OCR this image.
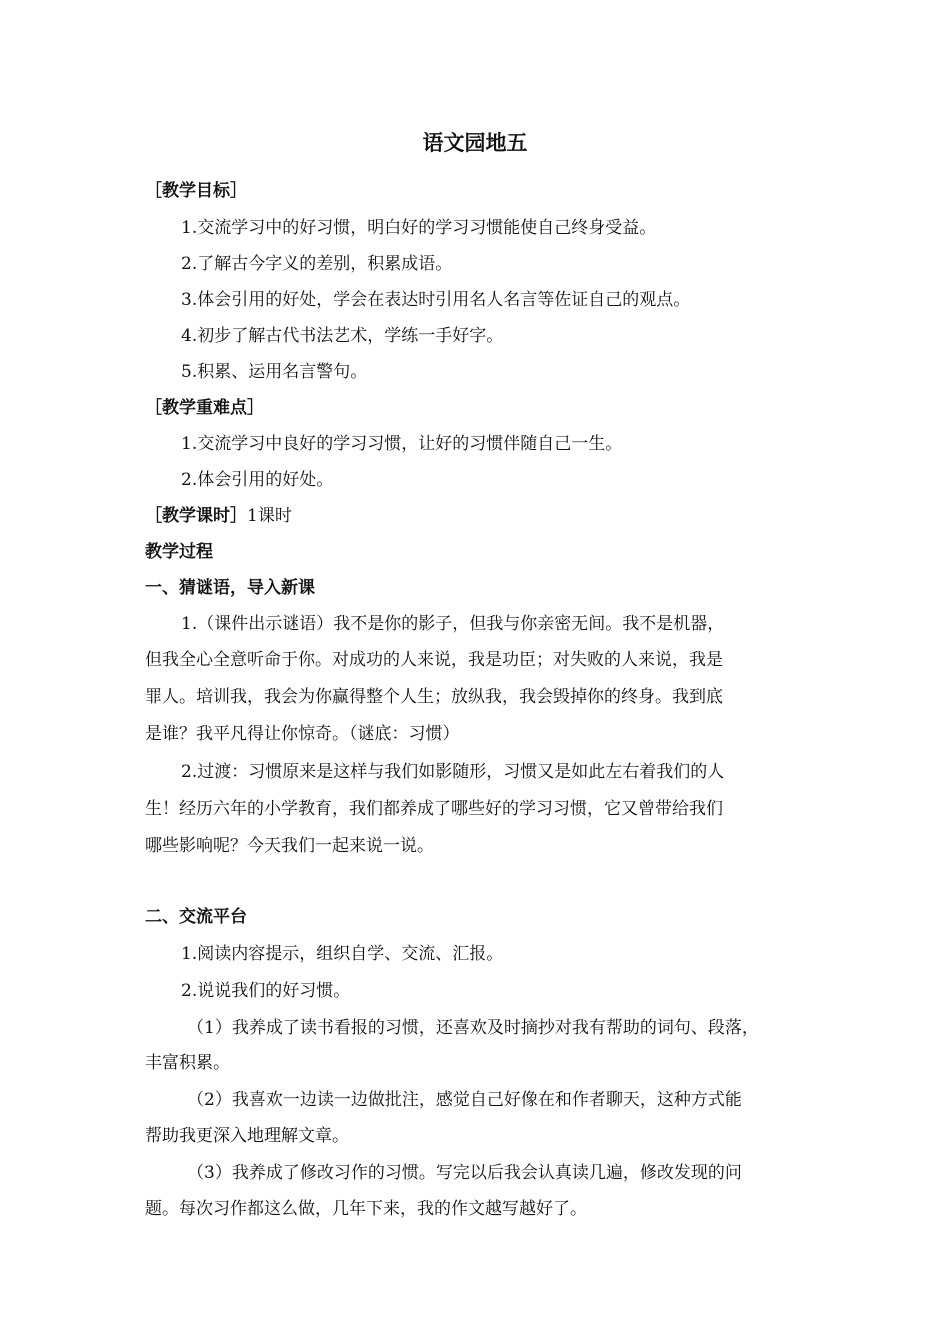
语文园地五
［教学目标］
1.交流学习中的好习惯，明白好的学习习惯能使自己终身受益。
2.了解古今字义的差别，积累成语。
3.体会引用的好处，学会在表达时引用名人名言等佐证自己的观点。
4.初步了解古代书法艺术，学练一手好字。
5.积累、运用名言警句。
［教学重难点］
1.交流学习中良好的学习习惯，让好的习惯伴随自己一生。
2.体会引用的好处。
［教学课时］1课时
教学过程
一、猜谜语，导入新课
1.（课件出示谜语）我不是你的影子，但我与你亲密无间。我不是机器，
但我全心全意听命于你。对成功的人来说，我是功臣；对失败的人来说，我是
罪人。培训我，我会为你赢得整个人生；放纵我，我会毁掉你的终身。我到底
是谁？我平凡得让你惊奇。（谜底：习惯）
2.过渡：习惯原来是这样与我们如影随形，习惯又是如此左右着我们的人
生！经历六年的小学教育，我们都养成了哪些好的学习习惯，它又曾带给我们
哪些影响呢？今天我们一起来说一说。
二、交流平台
1.阅读内容提示，组织自学、交流、汇报。
2.说说我们的好习惯。
（1）我养成了读书看报的习惯，还喜欢及时摘抄对我有帮助的词句、段落，
丰富积累。
（2）我喜欢一边读一边做批注，感觉自己好像在和作者聊天，这种方式能
帮助我更深入地理解文章。
（3）我养成了修改习作的习惯。写完以后我会认真读几遍，修改发现的问
题。每次习作都这么做，几年下来，我的作文越写越好了。
